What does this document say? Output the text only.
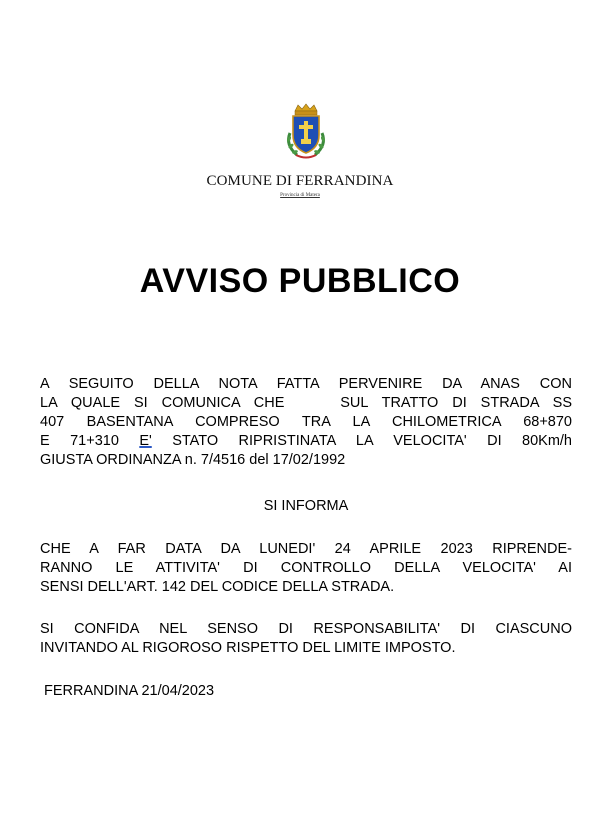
COMUNE DI FERRANDINA
Provincia di Matera
AVVISO PUBBLICO
A SEGUITO DELLA NOTA FATTA PERVENIRE DA ANAS CON
LA QUALE SI COMUNICA CHE    SUL TRATTO DI STRADA SS
407 BASENTANA COMPRESO TRA LA CHILOMETRICA 68+870
E 71+310 E' STATO RIPRISTINATA LA VELOCITA' DI 80Km/h
GIUSTA ORDINANZA n. 7/4516 del 17/02/1992
SI INFORMA
CHE A FAR DATA DA LUNEDI' 24 APRILE 2023 RIPRENDE-
RANNO LE ATTIVITA' DI CONTROLLO DELLA VELOCITA' AI
SENSI DELL'ART. 142 DEL CODICE DELLA STRADA.
SI CONFIDA NEL SENSO DI RESPONSABILITA' DI CIASCUNO
INVITANDO AL RIGOROSO RISPETTO DEL LIMITE IMPOSTO.
FERRANDINA 21/04/2023
